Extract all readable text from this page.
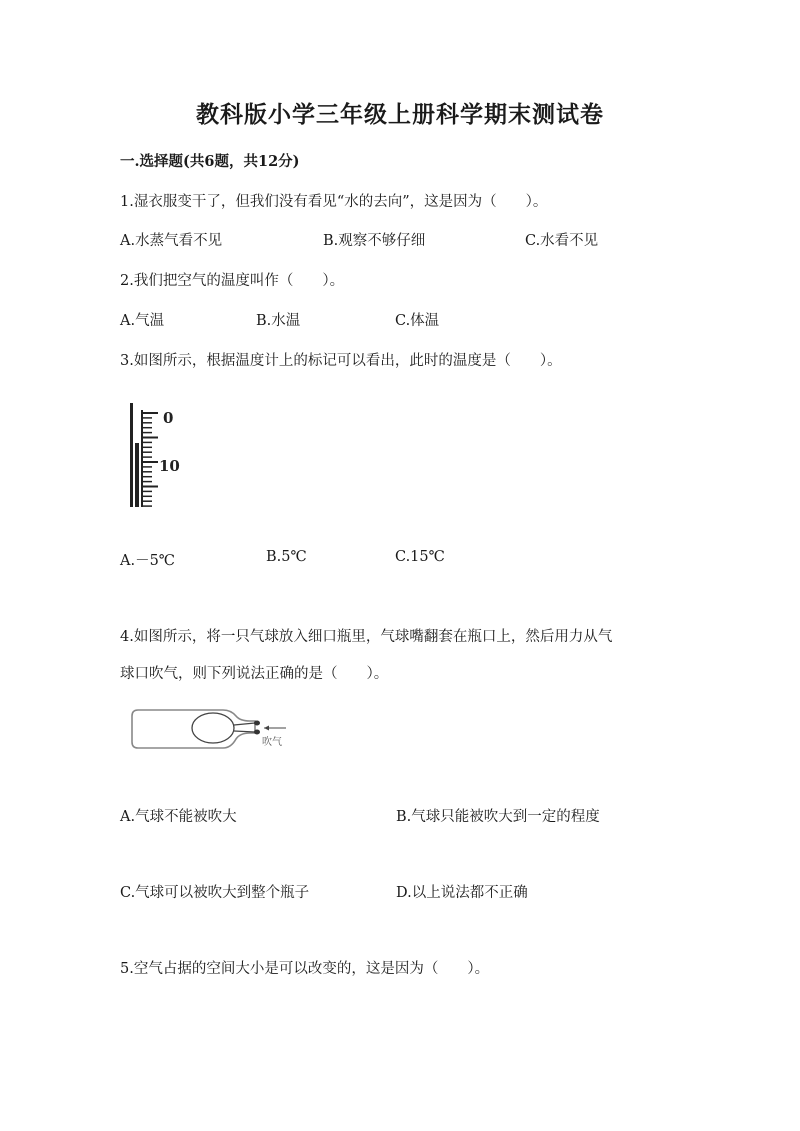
教科版小学三年级上册科学期末测试卷
一.选择题(共6题，共12分)
1.湿衣服变干了，但我们没有看见“水的去向”，这是因为（　　）。
A.水蒸气看不见	B.观察不够仔细	C.水看不见
2.我们把空气的温度叫作（　　）。
A.气温	B.水温	C.体温
3.如图所示，根据温度计上的标记可以看出，此时的温度是（　　）。
0
10
A.－5℃	B.5℃	C.15℃
4.如图所示，将一只气球放入细口瓶里，气球嘴翻套在瓶口上，然后用力从气
球口吹气，则下列说法正确的是（　　）。
吹气
A.气球不能被吹大	B.气球只能被吹大到一定的程度
C.气球可以被吹大到整个瓶子	D.以上说法都不正确
5.空气占据的空间大小是可以改变的，这是因为（　　）。
